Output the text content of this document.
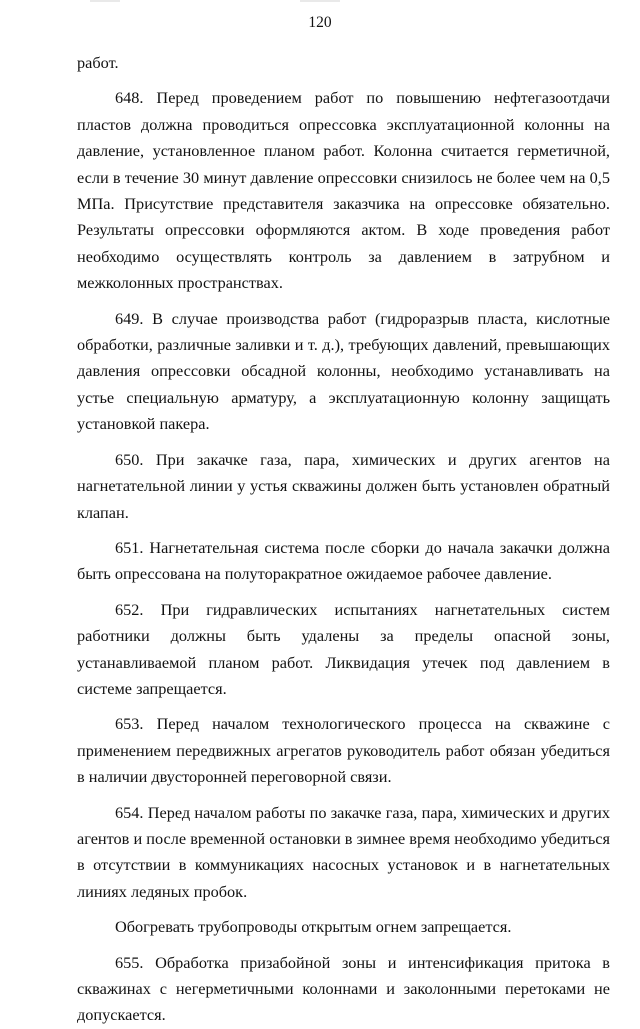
120

работ.

648. Перед проведением работ по повышению нефтегазоотдачи пластов должна проводиться опрессовка эксплуатационной колонны на давление, установленное планом работ. Колонна считается герметичной, если в течение 30 минут давление опрессовки снизилось не более чем на 0,5 МПа. Присутствие представителя заказчика на опрессовке обязательно. Результаты опрессовки оформляются актом. В ходе проведения работ необходимо осуществлять контроль за давлением в затрубном и межколонных пространствах.

649. В случае производства работ (гидроразрыв пласта, кислотные обработки, различные заливки и т. д.), требующих давлений, превышающих давления опрессовки обсадной колонны, необходимо устанавливать на устье специальную арматуру, а эксплуатационную колонну защищать установкой пакера.

650. При закачке газа, пара, химических и других агентов на нагнетательной линии у устья скважины должен быть установлен обратный клапан.

651. Нагнетательная система после сборки до начала закачки должна быть опрессована на полуторакратное ожидаемое рабочее давление.

652. При гидравлических испытаниях нагнетательных систем работники должны быть удалены за пределы опасной зоны, устанавливаемой планом работ. Ликвидация утечек под давлением в системе запрещается.

653. Перед началом технологического процесса на скважине с применением передвижных агрегатов руководитель работ обязан убедиться в наличии двусторонней переговорной связи.

654. Перед началом работы по закачке газа, пара, химических и других агентов и после временной остановки в зимнее время необходимо убедиться в отсутствии в коммуникациях насосных установок и в нагнетательных линиях ледяных пробок.

Обогревать трубопроводы открытым огнем запрещается.

655. Обработка призабойной зоны и интенсификация притока в скважинах с негерметичными колоннами и заколонными перетоками не допускается.
